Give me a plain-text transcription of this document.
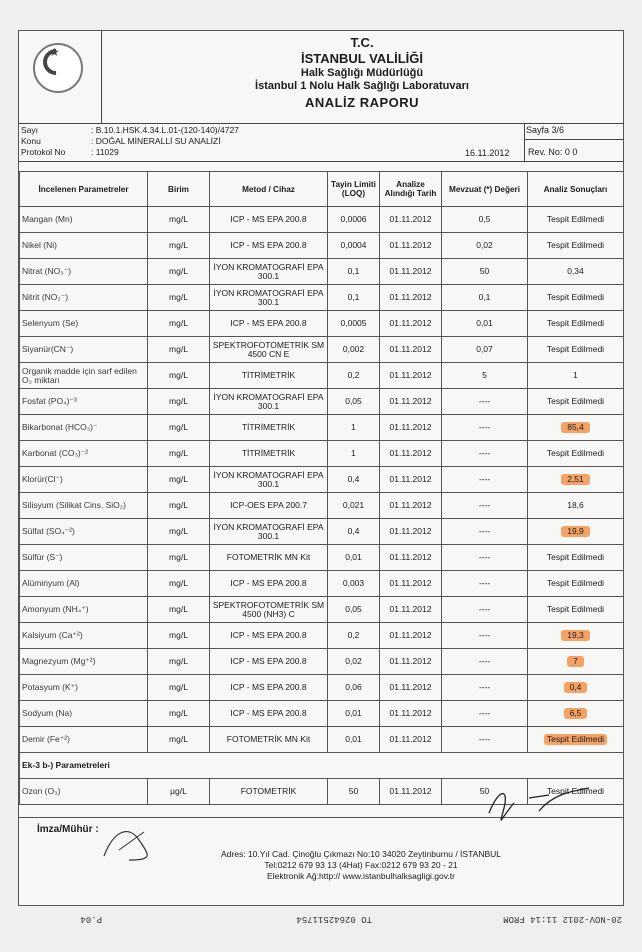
★
T.C.
İSTANBUL VALİLİĞİ
Halk Sağlığı Müdürlüğü
İstanbul 1 Nolu Halk Sağlığı Laboratuvarı
ANALİZ RAPORU
Sayı	: B.10.1.HSK.4.34.L.01-(120-140)/4727
Konu	: DOĞAL MİNERALLİ SU ANALİZİ
Protokol No	: 11029
Sayfa 3/6
16.11.2012 Rev. No: 0 0
İncelenen Parametreler	Birim	Metod / Cihaz	Tayin Limiti (LOQ)	Analize Alındığı Tarih	Mevzuat (*) Değeri	Analiz Sonuçları
Mangan (Mn)	mg/L	ICP - MS EPA 200.8	0,0006	01.11.2012	0,5	Tespit Edilmedi
Nikel (Ni)	mg/L	ICP - MS EPA 200.8	0,0004	01.11.2012	0,02	Tespit Edilmedi
Nitrat (NO₃⁻)	mg/L	İYON KROMATOGRAFİ EPA 300.1	0,1	01.11.2012	50	0,34
Nitrit (NO₂⁻)	mg/L	İYON KROMATOGRAFİ EPA 300.1	0,1	01.11.2012	0,1	Tespit Edilmedi
Selenyum (Se)	mg/L	ICP - MS EPA 200.8	0,0005	01.11.2012	0,01	Tespit Edilmedi
Siyanür(CN⁻)	mg/L	SPEKTROFOTOMETRİK SM 4500 CN E	0,002	01.11.2012	0,07	Tespit Edilmedi
Organik madde için sarf edilen O₂ miktarı	mg/L	TİTRİMETRİK	0,2	01.11.2012	5	1
Fosfat (PO₄)⁻³	mg/L	İYON KROMATOGRAFİ EPA 300.1	0,05	01.11.2012	----	Tespit Edilmedi
Bikarbonat (HCO₃)⁻	mg/L	TİTRİMETRİK	1	01.11.2012	----	85,4
Karbonat (CO₃)⁻²	mg/L	TİTRİMETRİK	1	01.11.2012	----	Tespit Edilmedi
Klorür(Cl⁻)	mg/L	İYON KROMATOGRAFİ EPA 300.1	0,4	01.11.2012	----	2,51
Silisyum (Silikat Cins. SiO₂)	mg/L	ICP-OES EPA 200.7	0,021	01.11.2012	----	18,6
Sülfat (SO₄⁻²)	mg/L	İYON KROMATOGRAFİ EPA 300.1	0,4	01.11.2012	----	19,9
Sülfür (S⁻)	mg/L	FOTOMETRİK MN Kit	0,01	01.11.2012	----	Tespit Edilmedi
Alüminyum (Al)	mg/L	ICP - MS EPA 200.8	0,003	01.11.2012	----	Tespit Edilmedi
Amonyum (NH₄⁺)	mg/L	SPEKTROFOTOMETRİK SM 4500 (NH3) C	0,05	01.11.2012	----	Tespit Edilmedi
Kalsiyum (Ca⁺²)	mg/L	ICP - MS EPA 200.8	0,2	01.11.2012	----	19,3
Magnezyum (Mg⁺²)	mg/L	ICP - MS EPA 200.8	0,02	01.11.2012	----	7
Potasyum (K⁺)	mg/L	ICP - MS EPA 200.8	0,06	01.11.2012	----	0,4
Sodyum (Na)	mg/L	ICP - MS EPA 200.8	0,01	01.11.2012	----	6,5
Demir (Fe⁺²)	mg/L	FOTOMETRİK MN Kit	0,01	01.11.2012	----	Tespit Edilmedi
Ek-3 b-) Parametreleri						
Ozon (O₃)	µg/L	FOTOMETRİK	50	01.11.2012	50	Tespit Edilmedi
İmza/Mühür :
Adres: 10.Yıl Cad. Çinoğlu Çıkmazı No:10 34020 Zeytinburnu / İSTANBUL
Tel:0212 679 93 13 (4Hat) Fax:0212 679 93 20 - 21
Elektronik Ağ:http:// www.istanbulhalksagligi.gov.tr
20-NOV-2012 11:14 FROM
TO 02642511754
P.04
